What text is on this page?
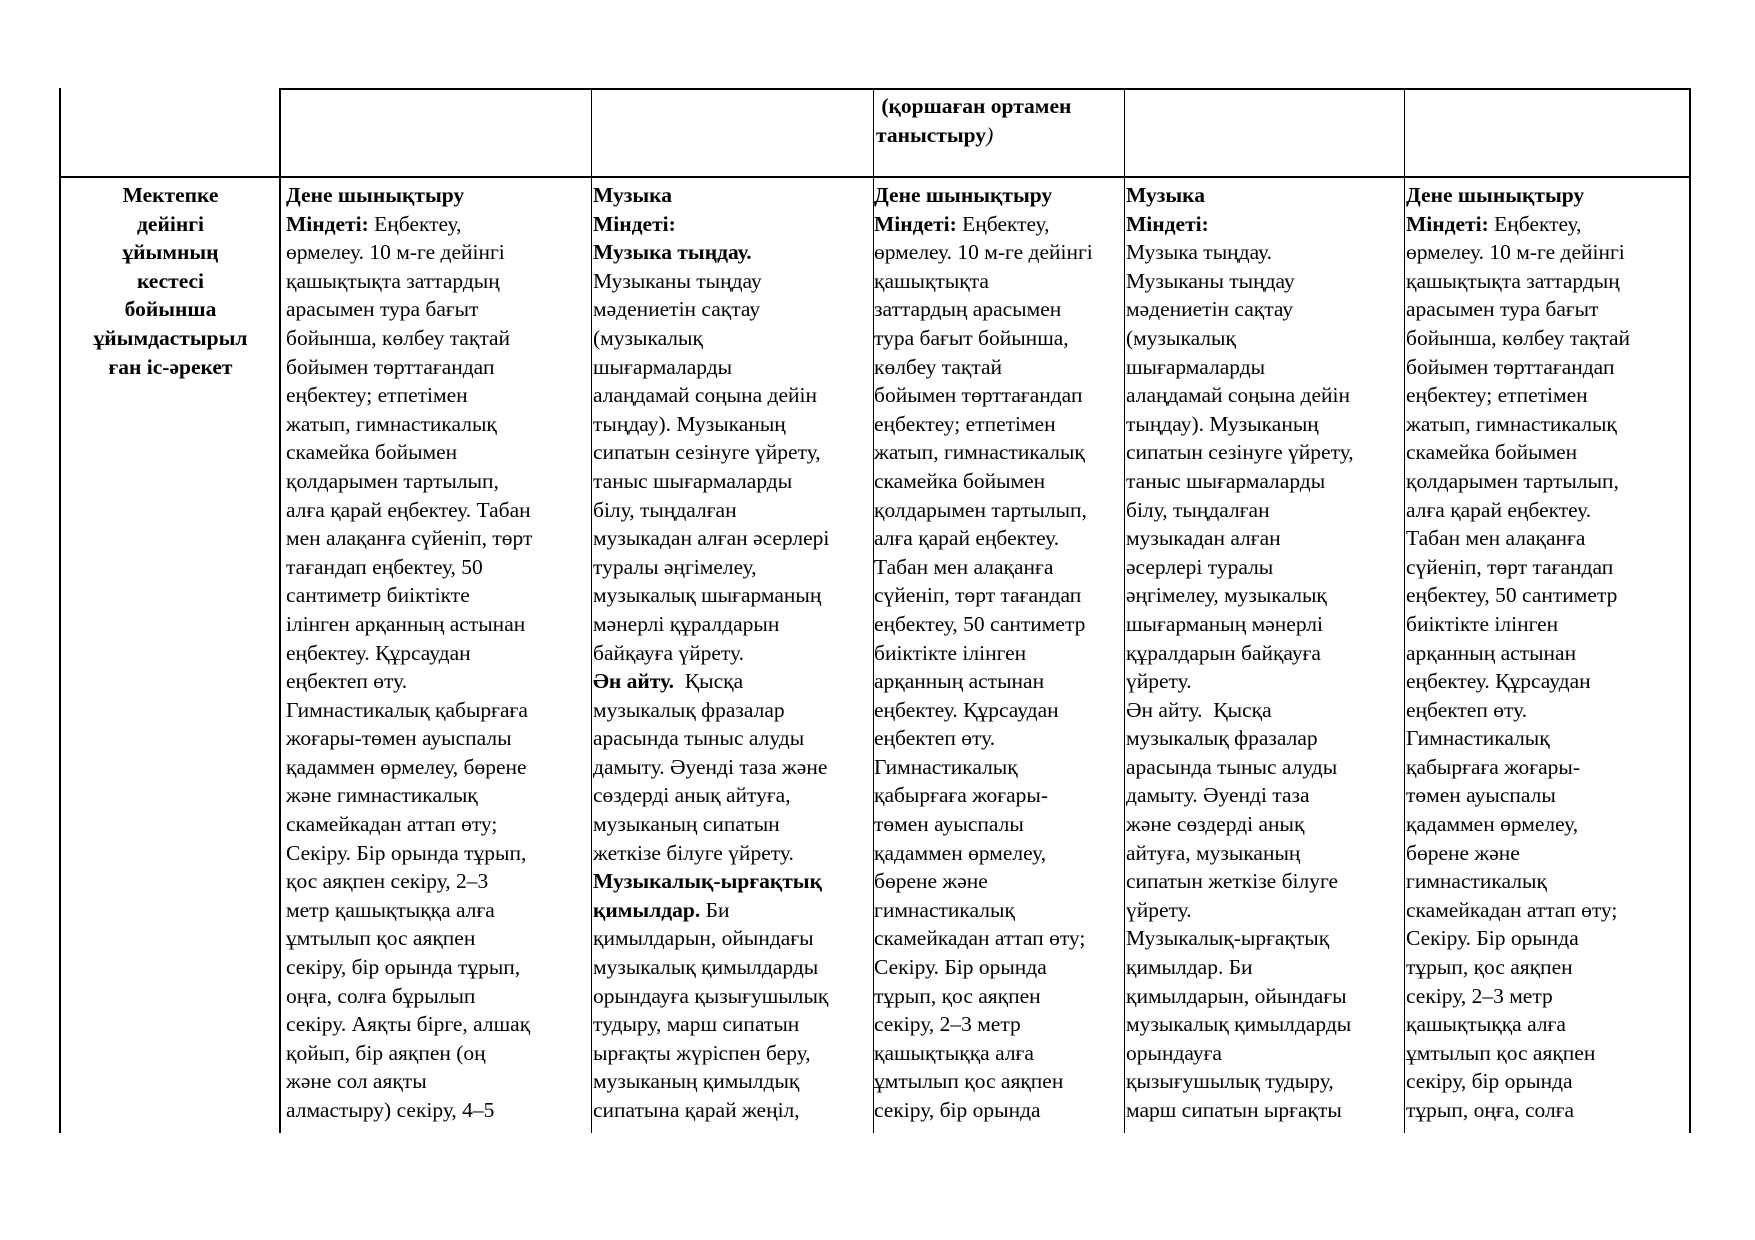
(қоршаған ортамен
таныстыру)
Мектепке
дейінгі
ұйымның
кестесі
бойынша
ұйымдастырыл
ған іс-әрекет
Дене шынықтыру
Міндеті: Еңбектеу,
өрмелеу. 10 м-ге дейінгі
қашықтықта заттардың
арасымен тура бағыт
бойынша, көлбеу тақтай
бойымен төрттағандап
еңбектеу; етпетімен
жатып, гимнастикалық
скамейка бойымен
қолдарымен тартылып,
алға қарай еңбектеу. Табан
мен алақанға сүйеніп, төрт
тағандап еңбектеу, 50
сантиметр биіктікте
ілінген арқанның астынан
еңбектеу. Құрсаудан
еңбектеп өту.
Гимнастикалық қабырғаға
жоғары-төмен ауыспалы
қадаммен өрмелеу, бөрене
және гимнастикалық
скамейкадан аттап өту;
Секіру. Бір орында тұрып,
қос аяқпен секіру, 2–3
метр қашықтыққа алға
ұмтылып қос аяқпен
секіру, бір орында тұрып,
оңға, солға бұрылып
секіру. Аяқты бірге, алшақ
қойып, бір аяқпен (оң
және сол аяқты
алмастыру) секіру, 4–5
Музыка
Міндеті:
Музыка тыңдау.
Музыканы тыңдау
мәдениетін сақтау
(музыкалық
шығармаларды
алаңдамай соңына дейін
тыңдау). Музыканың
сипатын сезінуге үйрету,
таныс шығармаларды
білу, тыңдалған
музыкадан алған әсерлері
туралы әңгімелеу,
музыкалық шығарманың
мәнерлі құралдарын
байқауға үйрету.
Ән айту.  Қысқа
музыкалық фразалар
арасында тыныс алуды
дамыту. Әуенді таза және
сөздерді анық айтуға,
музыканың сипатын
жеткізе білуге үйрету.
Музыкалық-ырғақтық
қимылдар. Би
қимылдарын, ойындағы
музыкалық қимылдарды
орындауға қызығушылық
тудыру, марш сипатын
ырғақты жүріспен беру,
музыканың қимылдық
сипатына қарай жеңіл,
Дене шынықтыру
Міндеті: Еңбектеу,
өрмелеу. 10 м-ге дейінгі
қашықтықта
заттардың арасымен
тура бағыт бойынша,
көлбеу тақтай
бойымен төрттағандап
еңбектеу; етпетімен
жатып, гимнастикалық
скамейка бойымен
қолдарымен тартылып,
алға қарай еңбектеу.
Табан мен алақанға
сүйеніп, төрт тағандап
еңбектеу, 50 сантиметр
биіктікте ілінген
арқанның астынан
еңбектеу. Құрсаудан
еңбектеп өту.
Гимнастикалық
қабырғаға жоғары-
төмен ауыспалы
қадаммен өрмелеу,
бөрене және
гимнастикалық
скамейкадан аттап өту;
Секіру. Бір орында
тұрып, қос аяқпен
секіру, 2–3 метр
қашықтыққа алға
ұмтылып қос аяқпен
секіру, бір орында
Музыка
Міндеті:
Музыка тыңдау.
Музыканы тыңдау
мәдениетін сақтау
(музыкалық
шығармаларды
алаңдамай соңына дейін
тыңдау). Музыканың
сипатын сезінуге үйрету,
таныс шығармаларды
білу, тыңдалған
музыкадан алған
әсерлері туралы
әңгімелеу, музыкалық
шығарманың мәнерлі
құралдарын байқауға
үйрету.
Ән айту.  Қысқа
музыкалық фразалар
арасында тыныс алуды
дамыту. Әуенді таза
және сөздерді анық
айтуға, музыканың
сипатын жеткізе білуге
үйрету.
Музыкалық-ырғақтық
қимылдар. Би
қимылдарын, ойындағы
музыкалық қимылдарды
орындауға
қызығушылық тудыру,
марш сипатын ырғақты
Дене шынықтыру
Міндеті: Еңбектеу,
өрмелеу. 10 м-ге дейінгі
қашықтықта заттардың
арасымен тура бағыт
бойынша, көлбеу тақтай
бойымен төрттағандап
еңбектеу; етпетімен
жатып, гимнастикалық
скамейка бойымен
қолдарымен тартылып,
алға қарай еңбектеу.
Табан мен алақанға
сүйеніп, төрт тағандап
еңбектеу, 50 сантиметр
биіктікте ілінген
арқанның астынан
еңбектеу. Құрсаудан
еңбектеп өту.
Гимнастикалық
қабырғаға жоғары-
төмен ауыспалы
қадаммен өрмелеу,
бөрене және
гимнастикалық
скамейкадан аттап өту;
Секіру. Бір орында
тұрып, қос аяқпен
секіру, 2–3 метр
қашықтыққа алға
ұмтылып қос аяқпен
секіру, бір орында
тұрып, оңға, солға
